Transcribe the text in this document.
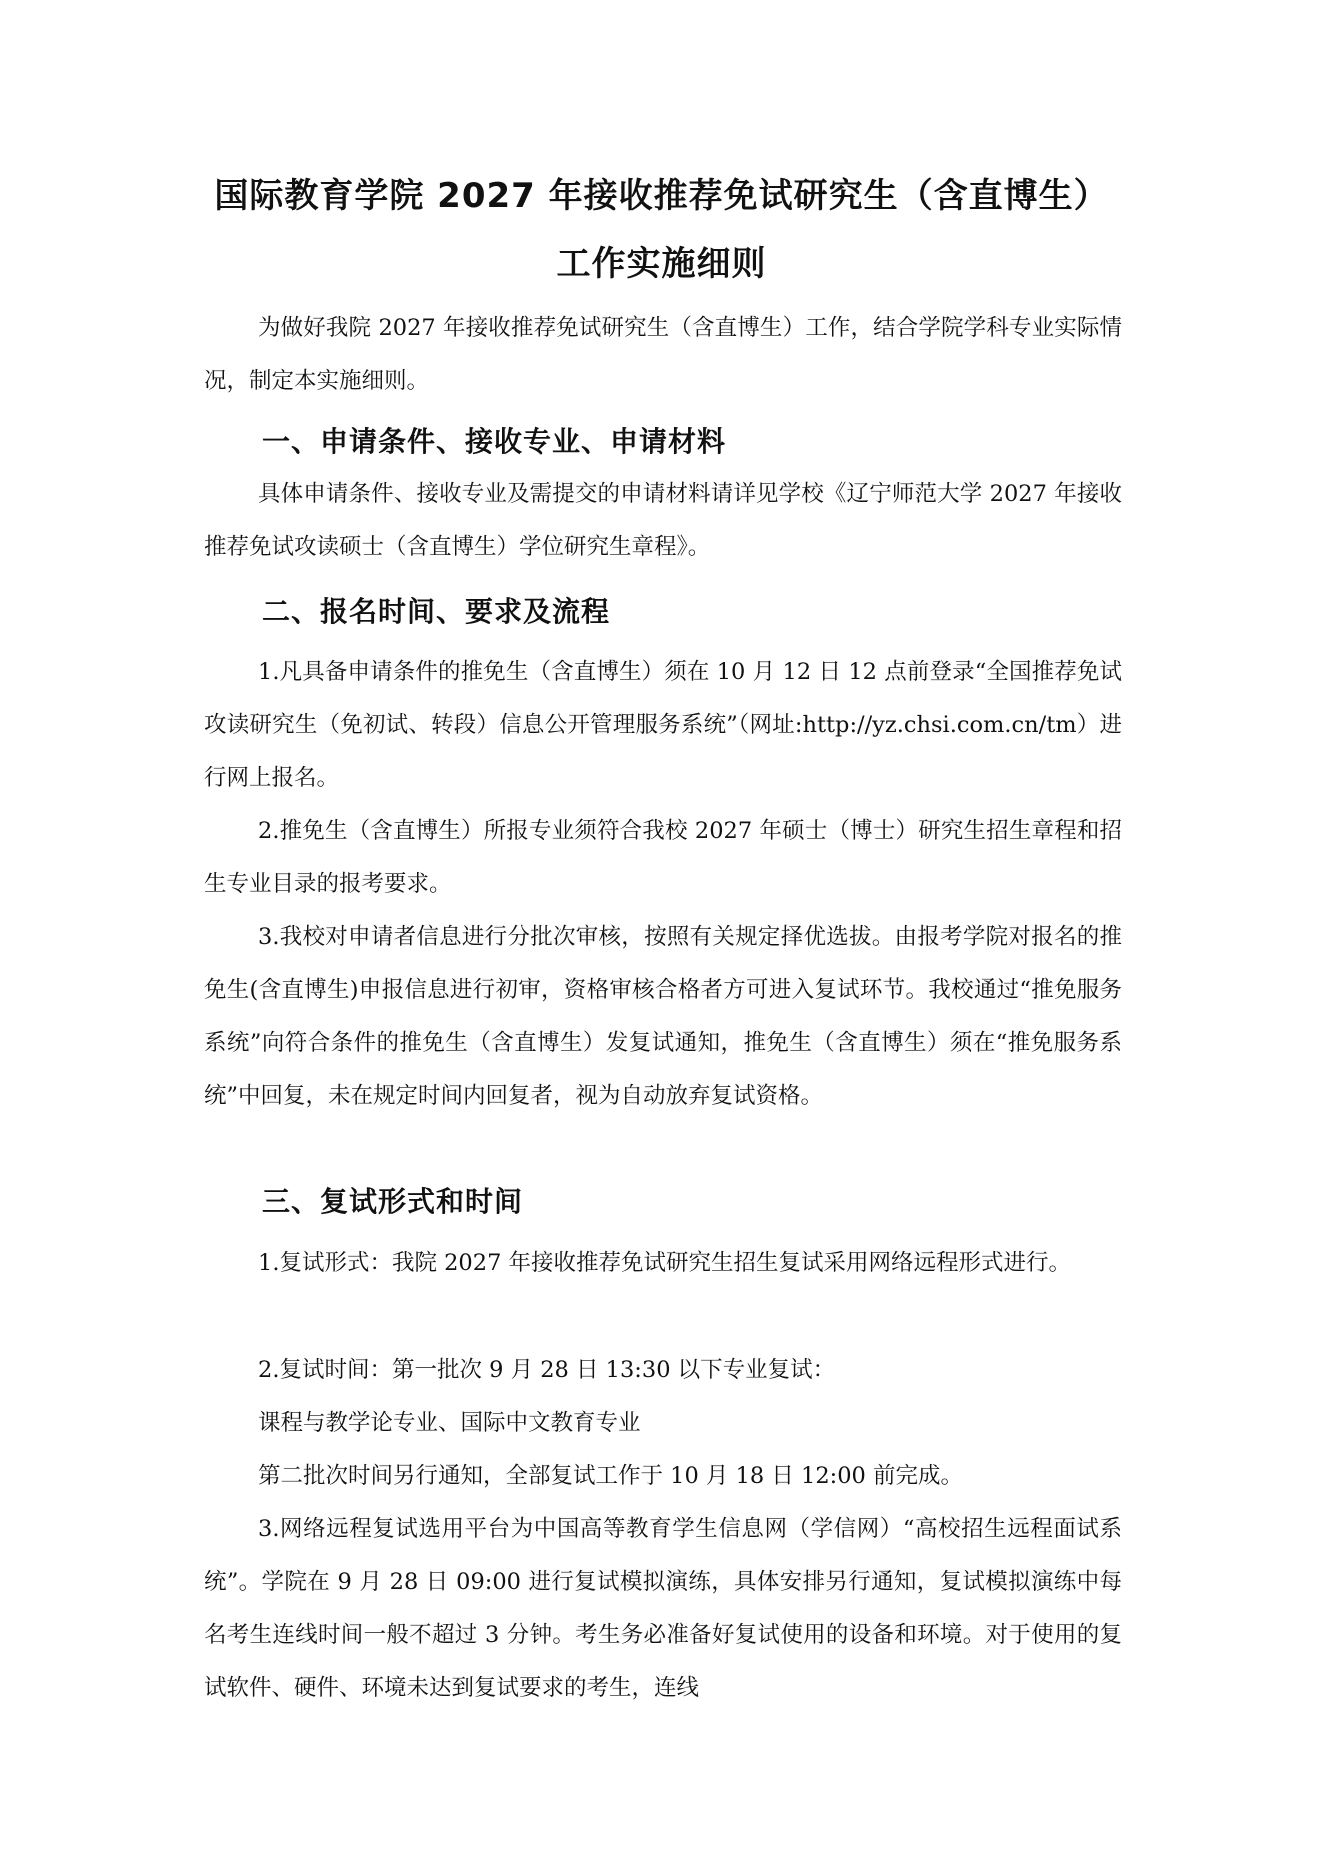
国际教育学院 2027 年接收推荐免试研究生（含直博生）
工作实施细则

为做好我院 2027 年接收推荐免试研究生（含直博生）工作，结合学院学科专业实际情况，制定本实施细则。

一、申请条件、接收专业、申请材料

具体申请条件、接收专业及需提交的申请材料请详见学校《辽宁师范大学 2027 年接收推荐免试攻读硕士（含直博生）学位研究生章程》。

二、报名时间、要求及流程

1.凡具备申请条件的推免生（含直博生）须在 10 月 12 日 12 点前登录“全国推荐免试攻读研究生（免初试、转段）信息公开管理服务系统”（网址:http://yz.chsi.com.cn/tm）进行网上报名。

2.推免生（含直博生）所报专业须符合我校 2027 年硕士（博士）研究生招生章程和招生专业目录的报考要求。

3.我校对申请者信息进行分批次审核，按照有关规定择优选拔。由报考学院对报名的推免生(含直博生)申报信息进行初审，资格审核合格者方可进入复试环节。我校通过“推免服务系统”向符合条件的推免生（含直博生）发复试通知，推免生（含直博生）须在“推免服务系统”中回复，未在规定时间内回复者，视为自动放弃复试资格。

三、复试形式和时间

1.复试形式：我院 2027 年接收推荐免试研究生招生复试采用网络远程形式进行。

2.复试时间：第一批次 9 月 28 日 13:30 以下专业复试：

课程与教学论专业、国际中文教育专业

第二批次时间另行通知，全部复试工作于 10 月 18 日 12:00 前完成。

3.网络远程复试选用平台为中国高等教育学生信息网（学信网）“高校招生远程面试系统”。学院在 9 月 28 日 09:00 进行复试模拟演练，具体安排另行通知，复试模拟演练中每名考生连线时间一般不超过 3 分钟。考生务必准备好复试使用的设备和环境。对于使用的复试软件、硬件、环境未达到复试要求的考生，连线
